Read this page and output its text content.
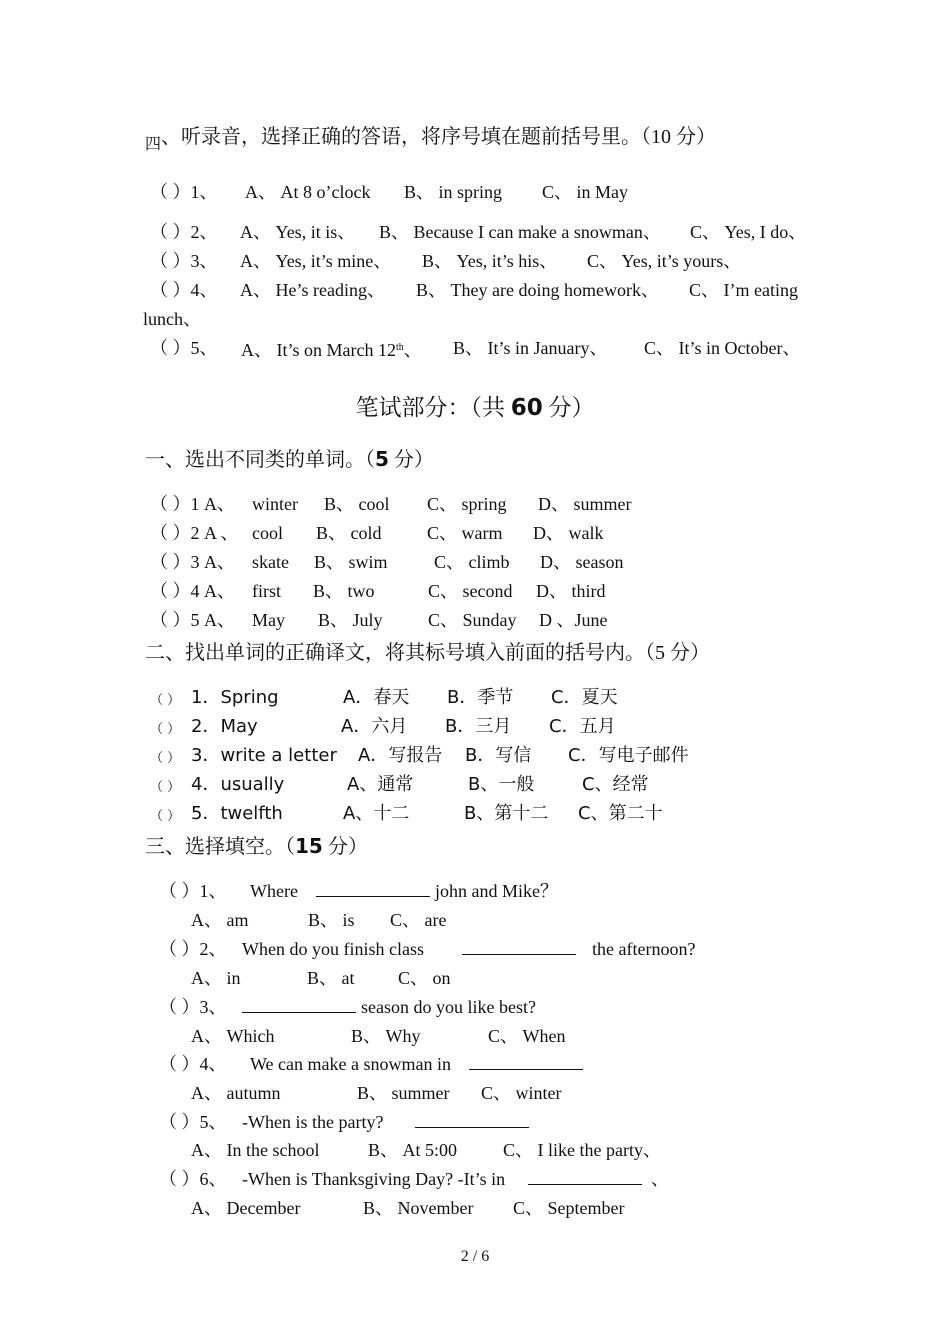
$_四$、听录音，选择正确的答语，将序号填在题前括号里。（10 分）
（ ）1、 A、 At 8 o’clock B、 in spring C、 in May
（ ）2、 A、 Yes, it is、 B、 Because I can make a snowman、 C、 Yes, I do、
（ ）3、 A、 Yes, it’s mine、 B、 Yes, it’s his、 C、 Yes, it’s yours、
（ ）4、 A、 He’s reading、 B、 They are doing homework、 C、 I’m eating
lunch、
（ ）5、 A、 It’s on March 12th、 B、 It’s in January、 C、 It’s in October、
笔试部分：（共 60 分）
一、选出不同类的单词。（5 分）
（ ）1 A、 winter B、 cool C、 spring D、 summer
（ ）2 A 、 cool B、 cold	C、 warm D、 walk
（ ）3 A、 skate B、 swim	C、 climb D、 season
（ ）4 A、 first B、 two	C、 second D、 third
（ ）5 A、 May B、 July	C、 Sunday D 、June
二、找出单词的正确译文，将其标号填入前面的括号内。（5 分）
（ ） 1．Spring	A．春天 B．季节 C．夏天
（ ） 2．May	A．六月 B．三月 C．五月
（ ） 3．write a letter A．写报告 B．写信 C．写电子邮件
（ ） 4．usually	A、通常	B、一般	C、经常
（ ） 5．twelfth	A、十二	B、第十二 C、第二十
三、选择填空。（15 分）
（ ）1、 Where	john and Mike？
A、 am	B、 is C、 are
（ ）2、 When do you finish class	the afternoon?
A、 in	B、 at C、 on
（ ）3、	season do you like best?
A、 Which	B、 Why	C、 When
（ ）4、 We can make a snowman in
A、 autumn	B、 summer C、 winter
（ ）5、 -When is the party?
A、 In the school	B、 At 5:00	C、 I like the party、
（ ）6、 -When is Thanksgiving Day? -It’s in	、
A、 December	B、 November C、 September
2 / 6
